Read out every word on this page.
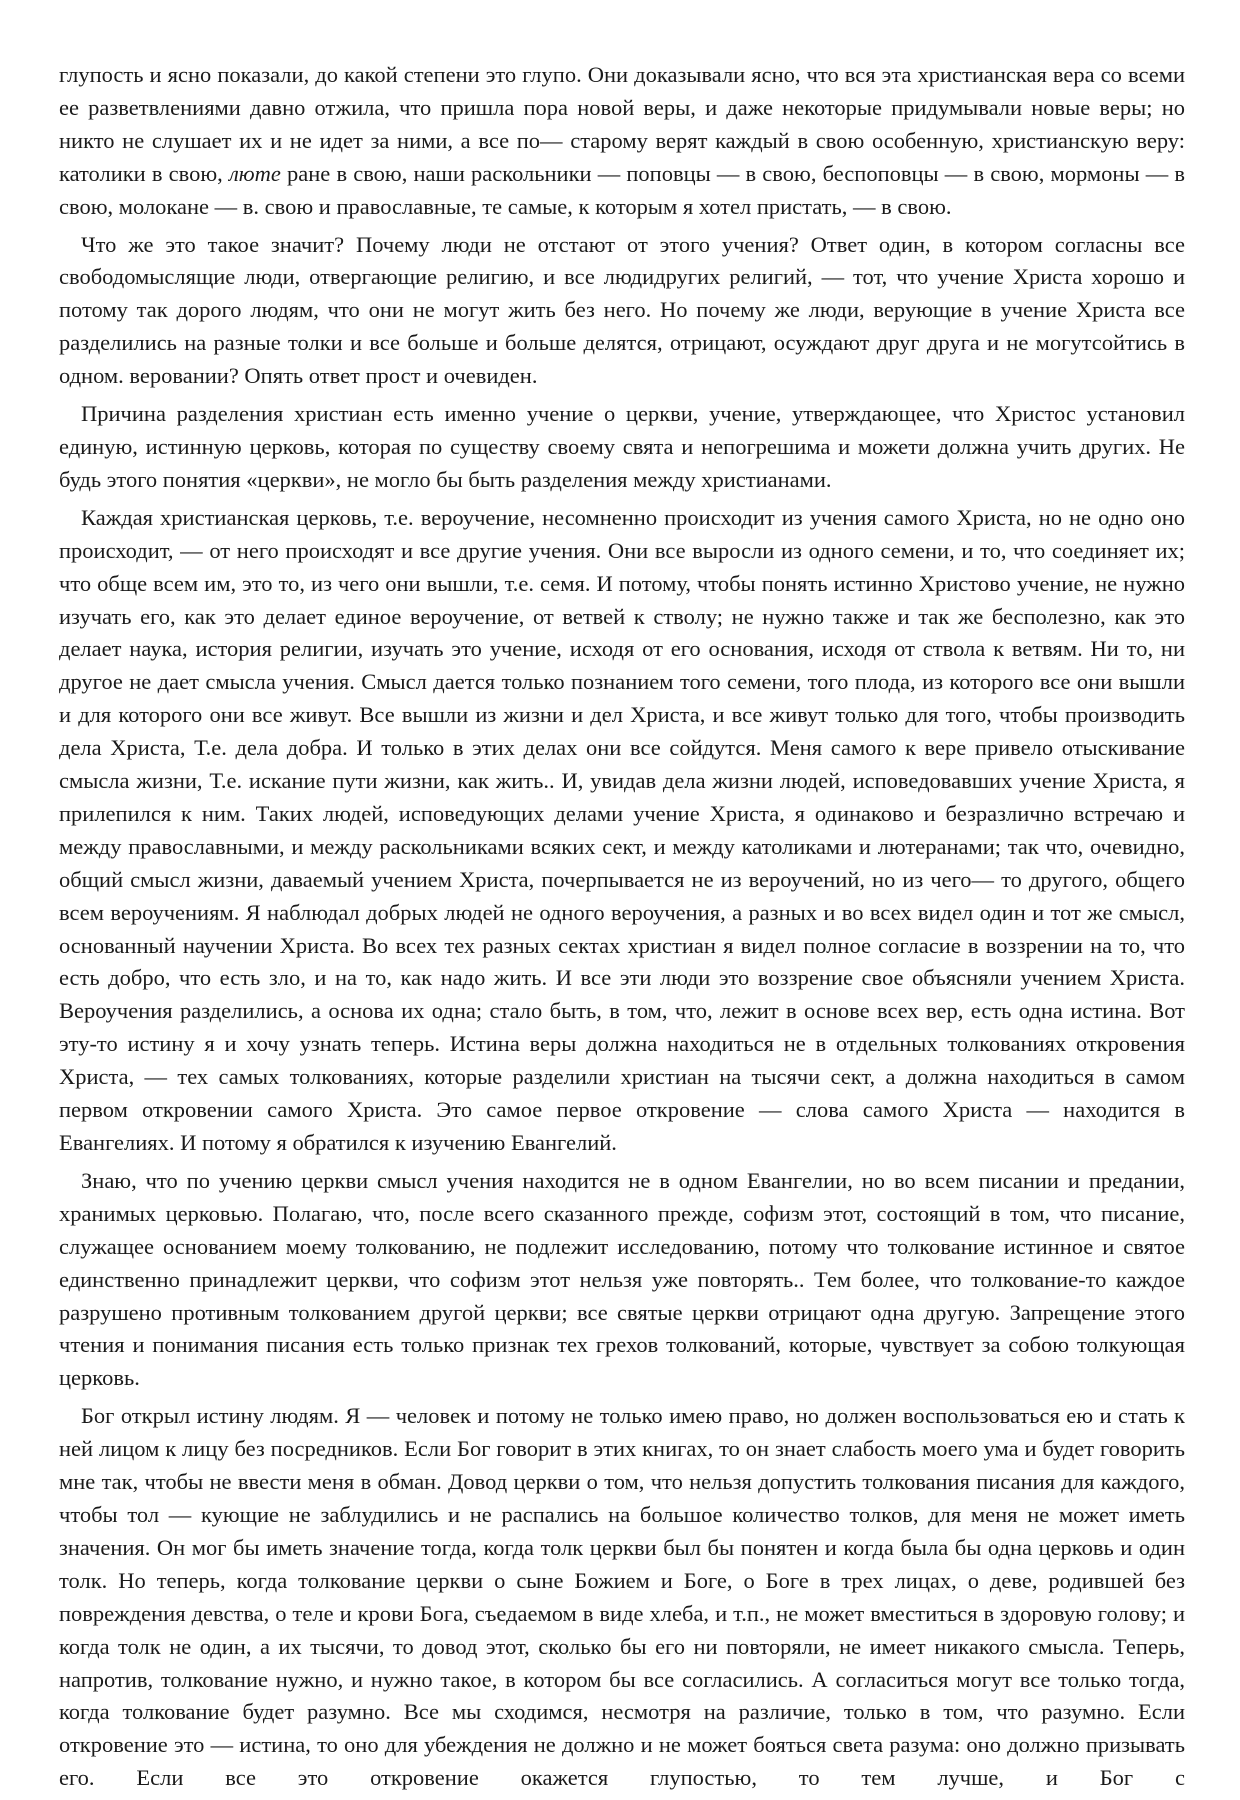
глупость и ясно показали, до какой степени это глупо. Они доказывали ясно, что вся эта христианская вера со всеми ее разветвлениями давно отжила, что пришла пора новой веры, и даже некоторые придумывали новые веры; но никто не слушает их и не идет за ними, а все по— старому верят каждый в свою особенную, христианскую веру: католики в свою, люте ране в свою, наши раскольники — поповцы — в свою, беспоповцы — в свою, мормоны — в свою, молокане — в. свою и православные, те самые, к которым я хотел пристать, — в свою.

Что же это такое значит? Почему люди не отстают от этого учения? Ответ один, в котором согласны все свободомыслящие люди, отвергающие религию, и все людидругих религий, — тот, что учение Христа хорошо и потому так дорого людям, что они не могут жить без него. Но почему же люди, верующие в учение Христа все разделились на разные толки и все больше и больше делятся, отрицают, осуждают друг друга и не могутсойтись в одном. веровании? Опять ответ прост и очевиден.

Причина разделения христиан есть именно учение о церкви, учение, утверждающее, что Христос установил единую, истинную церковь, которая по существу своему свята и непогрешима и можети должна учить других. Не будь этого понятия «церкви», не могло бы быть разделения между христианами.

Каждая христианская церковь, т.е. вероучение, несомненно происходит из учения самого Христа, но не одно оно происходит, — от него происходят и все другие учения. Они все выросли из одного семени, и то, что соединяет их; что обще всем им, это то, из чего они вышли, т.е. семя. И потому, чтобы понять истинно Христово учение, не нужно изучать его, как это делает единое вероучение, от ветвей к стволу; не нужно также и так же бесполезно, как это делает наука, история религии, изучать это учение, исходя от его основания, исходя от ствола к ветвям. Ни то, ни другое не дает смысла учения. Смысл дается только познанием того семени, того плода, из которого все они вышли и для которого они все живут. Все вышли из жизни и дел Христа, и все живут только для того, чтобы производить дела Христа, Т.е. дела добра. И только в этих делах они все сойдутся. Меня самого к вере привело отыскивание смысла жизни, Т.е. искание пути жизни, как жить.. И, увидав дела жизни людей, исповедовавших учение Христа, я прилепился к ним. Таких людей, исповедующих делами учение Христа, я одинаково и безразлично встречаю и между православными, и между раскольниками всяких сект, и между католиками и лютеранами; так что, очевидно, общий смысл жизни, даваемый учением Христа, почерпывается не из вероучений, но из чего— то другого, общего всем вероучениям. Я наблюдал добрых людей не одного вероучения, а разных и во всех видел один и тот же смысл, основанный научении Христа. Во всех тех разных сектах христиан я видел полное согласие в воззрении на то, что есть добро, что есть зло, и на то, как надо жить. И все эти люди это воззрение свое объясняли учением Христа. Вероучения разделились, а основа их одна; стало быть, в том, что, лежит в основе всех вер, есть одна истина. Вот эту-то истину я и хочу узнать теперь. Истина веры должна находиться не в отдельных толкованиях откровения Христа, — тех самых толкованиях, которые разделили христиан на тысячи сект, а должна находиться в самом первом откровении самого Христа. Это самое первое откровение — слова самого Христа — находится в Евангелиях. И потому я обратился к изучению Евангелий.

Знаю, что по учению церкви смысл учения находится не в одном Евангелии, но во всем писании и предании, хранимых церковью. Полагаю, что, после всего сказанного прежде, софизм этот, состоящий в том, что писание, служащее основанием моему толкованию, не подлежит исследованию, потому что толкование истинное и святое единственно принадлежит церкви, что софизм этот нельзя уже повторять.. Тем более, что толкование-то каждое разрушено противным толкованием другой церкви; все святые церкви отрицают одна другую. Запрещение этого чтения и понимания писания есть только признак тех грехов толкований, которые, чувствует за собою толкующая церковь.

Бог открыл истину людям. Я — человек и потому не только имею право, но должен воспользоваться ею и стать к ней лицом к лицу без посредников. Если Бог говорит в этих книгах, то он знает слабость моего ума и будет говорить мне так, чтобы не ввести меня в обман. Довод церкви о том, что нельзя допустить толкования писания для каждого, чтобы тол — кующие не заблудились и не распались на большое количество толков, для меня не может иметь значения. Он мог бы иметь значение тогда, когда толк церкви был бы понятен и когда была бы одна церковь и один толк. Но теперь, когда толкование церкви о сыне Божием и Боге, о Боге в трех лицах, о деве, родившей без повреждения девства, о теле и крови Бога, съедаемом в виде хлеба, и т.п., не может вместиться в здоровую голову; и когда толк не один, а их тысячи, то довод этот, сколько бы его ни повторяли, не имеет никакого смысла. Теперь, напротив, толкование нужно, и нужно такое, в котором бы все согласились. А согласиться могут все только тогда, когда толкование будет разумно. Все мы сходимся, несмотря на различие, только в том, что разумно. Если откровение это — истина, то оно для убеждения не должно и не может бояться света разума: оно должно призывать его. Если все это откровение окажется глупостью, то тем лучше, и Бог с
